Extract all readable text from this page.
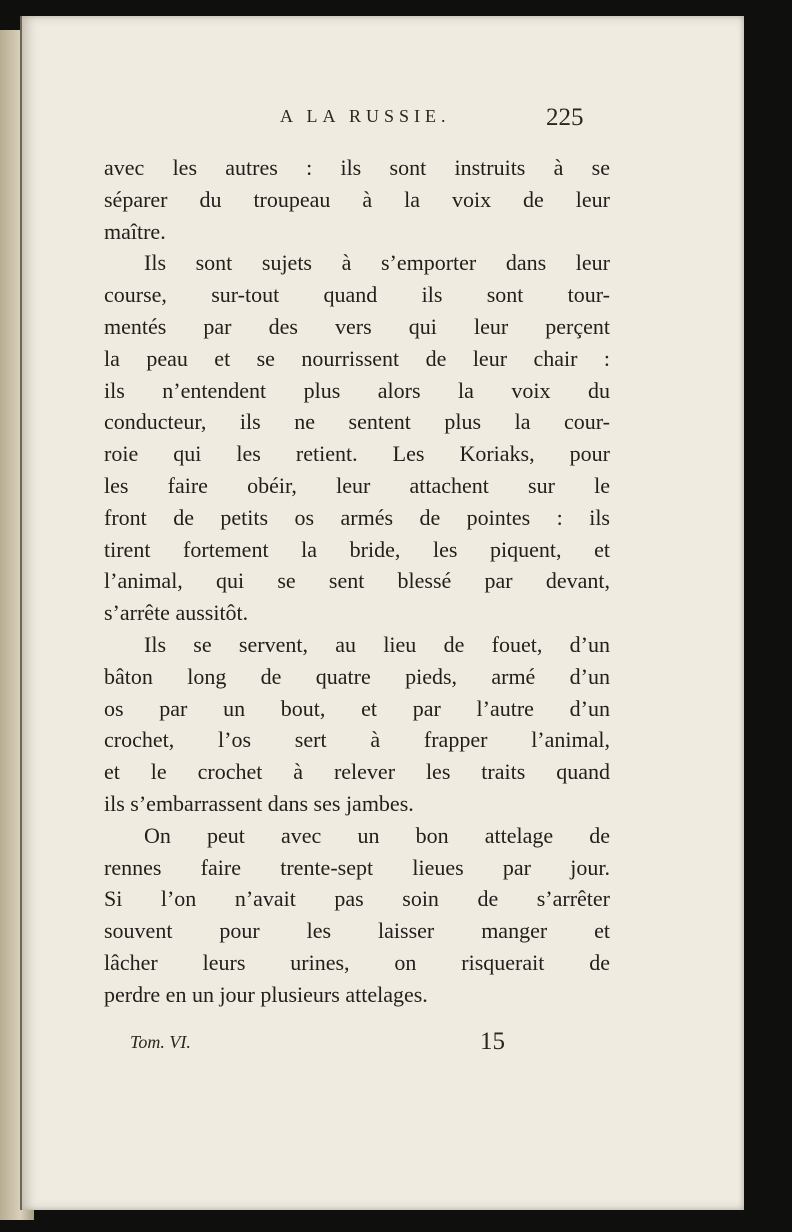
A LA RUSSIE.	225

avec les autres : ils sont instruits à se

séparer du troupeau à la voix de leur

maître.

Ils sont sujets à s’emporter dans leur

course, sur-tout quand ils sont tour-

mentés par des vers qui leur perçent

la peau et se nourrissent de leur chair :

ils n’entendent plus alors la voix du

conducteur, ils ne sentent plus la cour-

roie qui les retient. Les Koriaks, pour

les faire obéir, leur attachent sur le

front de petits os armés de pointes : ils

tirent fortement la bride, les piquent, et

l’animal, qui se sent blessé par devant,

s’arrête aussitôt.

Ils se servent, au lieu de fouet, d’un

bâton long de quatre pieds, armé d’un

os par un bout, et par l’autre d’un

crochet, l’os sert à frapper l’animal,

et le crochet à relever les traits quand

ils s’embarrassent dans ses jambes.

On peut avec un bon attelage de

rennes faire trente-sept lieues par jour.

Si l’on n’avait pas soin de s’arrêter

souvent pour les laisser manger et

lâcher leurs urines, on risquerait de

perdre en un jour plusieurs attelages.

Tom. VI.	15
